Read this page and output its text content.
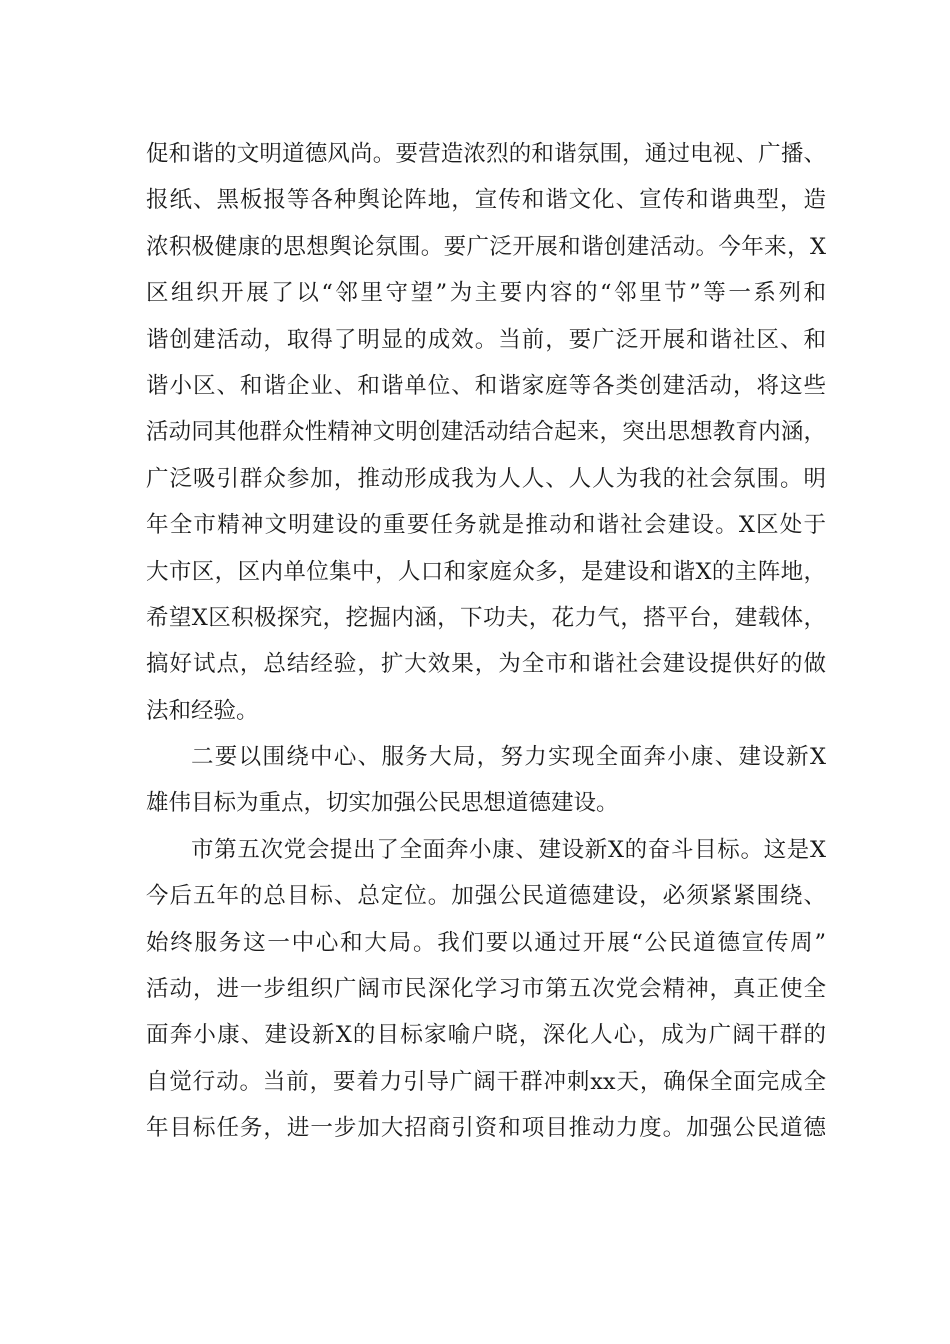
促和谐的文明道德风尚。要营造浓烈的和谐氛围，通过电视、广播、
报纸、黑板报等各种舆论阵地，宣传和谐文化、宣传和谐典型，造
浓积极健康的思想舆论氛围。要广泛开展和谐创建活动。今年来，X
区组织开展了以“邻里守望”为主要内容的“邻里节”等一系列和
谐创建活动，取得了明显的成效。当前，要广泛开展和谐社区、和
谐小区、和谐企业、和谐单位、和谐家庭等各类创建活动，将这些
活动同其他群众性精神文明创建活动结合起来，突出思想教育内涵，
广泛吸引群众参加，推动形成我为人人、人人为我的社会氛围。明
年全市精神文明建设的重要任务就是推动和谐社会建设。X区处于
大市区，区内单位集中，人口和家庭众多，是建设和谐X的主阵地，
希望X区积极探究，挖掘内涵，下功夫，花力气，搭平台，建载体，
搞好试点，总结经验，扩大效果，为全市和谐社会建设提供好的做
法和经验。
二要以围绕中心、服务大局，努力实现全面奔小康、建设新X
雄伟目标为重点，切实加强公民思想道德建设。
市第五次党会提出了全面奔小康、建设新X的奋斗目标。这是X
今后五年的总目标、总定位。加强公民道德建设，必须紧紧围绕、
始终服务这一中心和大局。我们要以通过开展“公民道德宣传周”
活动，进一步组织广阔市民深化学习市第五次党会精神，真正使全
面奔小康、建设新X的目标家喻户晓，深化人心，成为广阔干群的
自觉行动。当前，要着力引导广阔干群冲刺xx天，确保全面完成全
年目标任务，进一步加大招商引资和项目推动力度。加强公民道德
